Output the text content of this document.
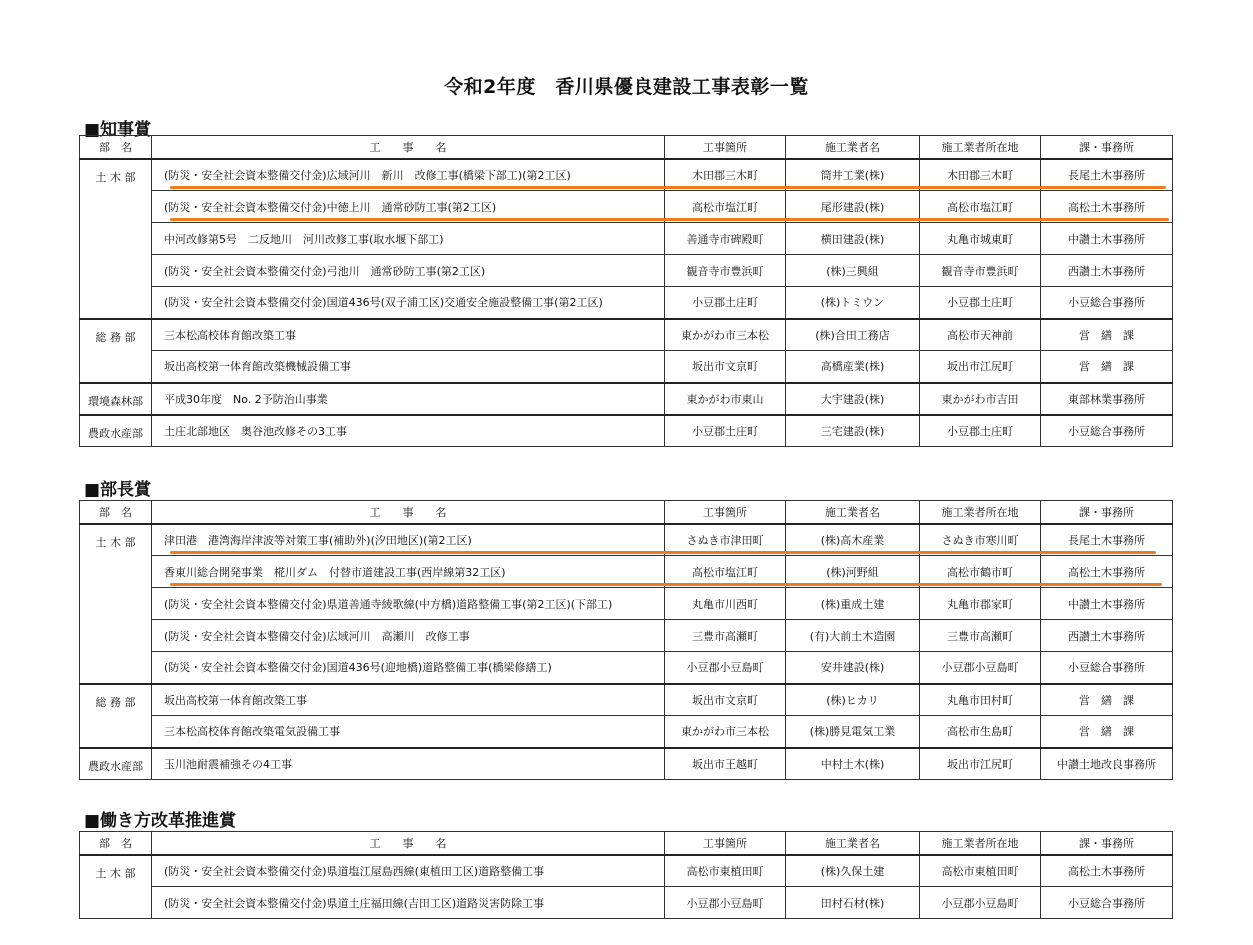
令和2年度　香川県優良建設工事表彰一覧
■知事賞
部　名	工　　事　　名	工事箇所	施工業者名	施工業者所在地	課・事務所
土 木 部	(防災・安全社会資本整備交付金)広域河川　新川　改修工事(橋梁下部工)(第2工区)	木田郡三木町	筒井工業(株)	木田郡三木町	長尾土木事務所
	(防災・安全社会資本整備交付金)中徳上川　通常砂防工事(第2工区)	高松市塩江町	尾形建設(株)	高松市塩江町	高松土木事務所
	中河改修第5号　二反地川　河川改修工事(取水堰下部工)	善通寺市碑殿町	横田建設(株)	丸亀市城東町	中讃土木事務所
	(防災・安全社会資本整備交付金)弓池川　通常砂防工事(第2工区)	観音寺市豊浜町	(株)三興組	観音寺市豊浜町	西讃土木事務所
	(防災・安全社会資本整備交付金)国道436号(双子浦工区)交通安全施設整備工事(第2工区)	小豆郡土庄町	(株)トミウン	小豆郡土庄町	小豆総合事務所
総 務 部	三本松高校体育館改築工事	東かがわ市三本松	(株)合田工務店	高松市天神前	営　繕　課
	坂出高校第一体育館改築機械設備工事	坂出市文京町	高橋産業(株)	坂出市江尻町	営　繕　課
環境森林部	平成30年度　No. 2予防治山事業	東かがわ市東山	大宇建設(株)	東かがわ市吉田	東部林業事務所
農政水産部	土庄北部地区　奥谷池改修その3工事	小豆郡土庄町	三宅建設(株)	小豆郡土庄町	小豆総合事務所
■部長賞
部　名	工　　事　　名	工事箇所	施工業者名	施工業者所在地	課・事務所
土 木 部	津田港　港湾海岸津波等対策工事(補助外)(汐田地区)(第2工区)	さぬき市津田町	(株)高木産業	さぬき市寒川町	長尾土木事務所
	香東川総合開発事業　椛川ダム　付替市道建設工事(西岸線第32工区)	高松市塩江町	(株)河野組	高松市鶴市町	高松土木事務所
	(防災・安全社会資本整備交付金)県道善通寺綾歌線(中方橋)道路整備工事(第2工区)(下部工)	丸亀市川西町	(株)重成土建	丸亀市郡家町	中讃土木事務所
	(防災・安全社会資本整備交付金)広域河川　高瀬川　改修工事	三豊市高瀬町	(有)大前土木造園	三豊市高瀬町	西讃土木事務所
	(防災・安全社会資本整備交付金)国道436号(迎地橋)道路整備工事(橋梁修繕工)	小豆郡小豆島町	安井建設(株)	小豆郡小豆島町	小豆総合事務所
総 務 部	坂出高校第一体育館改築工事	坂出市文京町	(株)ヒカリ	丸亀市田村町	営　繕　課
	三本松高校体育館改築電気設備工事	東かがわ市三本松	(株)勝見電気工業	高松市生島町	営　繕　課
農政水産部	玉川池耐震補強その4工事	坂出市王越町	中村土木(株)	坂出市江尻町	中讃土地改良事務所
■働き方改革推進賞
部　名	工　　事　　名	工事箇所	施工業者名	施工業者所在地	課・事務所
土 木 部	(防災・安全社会資本整備交付金)県道塩江屋島西線(東植田工区)道路整備工事	高松市東植田町	(株)久保土建	高松市東植田町	高松土木事務所
	(防災・安全社会資本整備交付金)県道土庄福田線(吉田工区)道路災害防除工事	小豆郡小豆島町	田村石材(株)	小豆郡小豆島町	小豆総合事務所
